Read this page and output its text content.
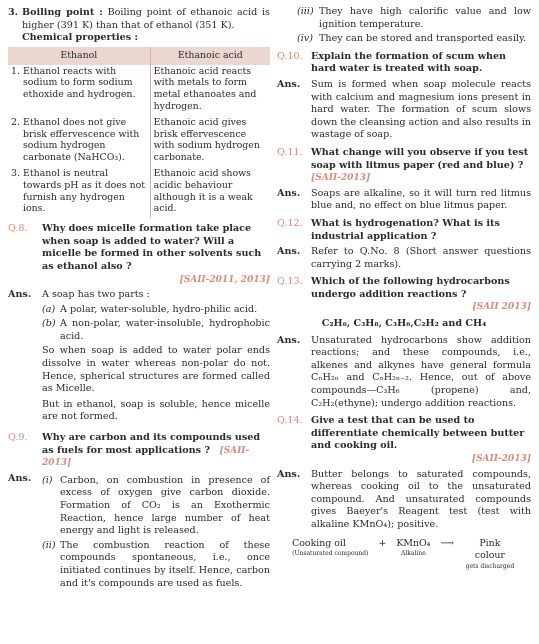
3. Boiling point : Boiling point of ethanoic acid is higher (391 K) than that of ethanol (351 K).
Chemical properties :
Ethanol	Ethanoic acid

1. Ethanol reacts with sodium to form sodium ethoxide and hydrogen.	Ethanoic acid reacts with metals to form metal ethanoates and hydrogen.

2. Ethanol does not give brisk effervescence with sodium hydrogen carbonate (NaHCO₃).	Ethanoic acid gives brisk effervescence with sodium hydrogen carbonate.

3. Ethanol is neutral towards pH as it does not furnish any hydrogen ions.	Ethanoic acid shows acidic behaviour although it is a weak acid.
Q.8.	Why does micelle formation take place when soap is added to water? Will a micelle be formed in other solvents such as ethanol also ?
[SAII-2011, 2013]
Ans.	A soap has two parts :
(a) A polar, water-soluble, hydro-philic acid.
(b) A non-polar, water-insoluble, hydrophobic acid.

So when soap is added to water polar ends dissolve in water whereas non-polar do not. Hence, spherical structures are formed called as Micelle.

But in ethanol, soap is soluble, hence micelle are not formed.

Q.9.	Why are carbon and its compounds used as fuels for most applications ? [SAII-2013]
Ans.	(i) Carbon, on combustion in presence of excess of oxygen give carbon dioxide. Formation of CO₂ is an Exothermic Reaction, hence large number of heat energy and light is released.
(ii) The combustion reaction of these compounds spontaneous, i.e., once initiated continues by itself. Hence, carbon and it's compounds are used as fuels.
(iii) They have high calorific value and low ignition temperature.
(iv) They can be stored and transported easily.
Q.10. Explain the formation of scum when hard water is treated with soap.
Ans.	Sum is formed when soap molecule reacts with calcium and magnesium ions present in hard water. The formation of scum slows down the cleansing action and also results in wastage of soap.
Q.11. What change will you observe if you test soap with litmus paper (red and blue) ? [SAII-2013]
Ans.	Soaps are alkaline, so it will turn red litmus blue and, no effect on blue litmus paper.
Q.12. What is hydrogenation? What is its industrial application ?
Ans.	Refer to Q.No. 8 (Short answer questions carrying 2 marks).
Q.13. Which of the following hydrocarbons undergo addition reactions ?
[SAII 2013]
C₂H₆, C₃H₈, C₃H₆,C₂H₂ and CH₄
Ans.	Unsaturated hydrocarbons show addition reactions; and these compounds, i.e., alkenes and alkynes have general formula CₙH₂ₙ and CₙH₂ₙ₋₂. Hence, out of above compounds—C₃H₆ (propene) and, C₂H₂(ethyne); undergo addition reactions.
Q.14. Give a test that can be used to differentiate chemically between butter and cooking oil.
[SAII-2013]
Ans.	Butter belongs to saturated compounds, whereas cooking oil to the unsaturated compound. And unsaturated compounds gives Baeyer's Reagent test (test with alkaline KMnO₄); positive.
Cooking oil
(Unsaturated compound)
+ KMnO₄
Alkaline
⟶	Pink colour
gets discharged
